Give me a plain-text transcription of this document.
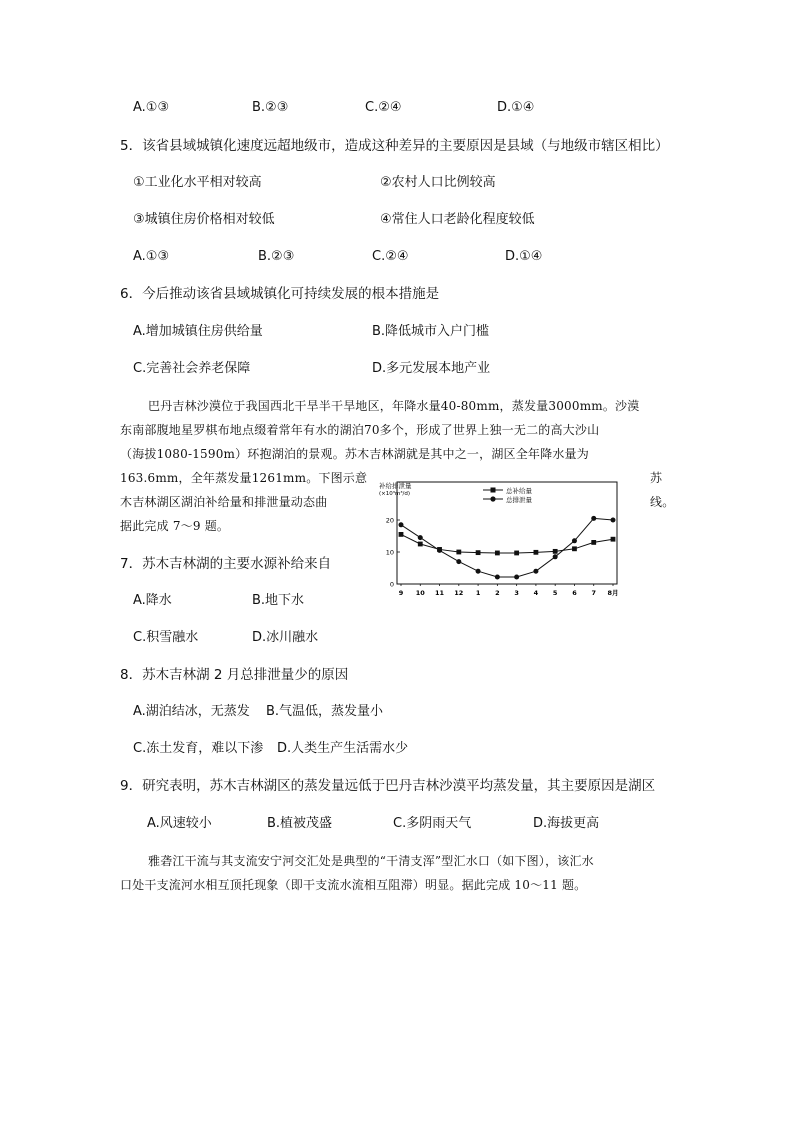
A.①③	B.②③	C.②④	D.①④
5．该省县域城镇化速度远超地级市，造成这种差异的主要原因是县域（与地级市辖区相比）
①工业化水平相对较高	②农村人口比例较高
③城镇住房价格相对较低	④常住人口老龄化程度较低
A.①③	B.②③	C.②④	D.①④
6．今后推动该省县域城镇化可持续发展的根本措施是
A.增加城镇住房供给量	B.降低城市入户门槛
C.完善社会养老保障	D.多元发展本地产业
巴丹吉林沙漠位于我国西北干旱半干旱地区，年降水量40-80mm，蒸发量3000mm。沙漠
东南部腹地星罗棋布地点缀着常年有水的湖泊70多个，形成了世界上独一无二的高大沙山
（海拔1080-1590m）环抱湖泊的景观。苏木吉林湖就是其中之一，湖区全年降水量为
163.6mm，全年蒸发量1261mm。下图示意	苏
木吉林湖区湖泊补给量和排泄量动态曲	线。
据此完成 7～9 题。
补给排泄量
(×10³m³/d)	总补给量
总排泄量
0
10
20
9 10 11 12 1 2 3 4 5 6 7 8月
7．苏木吉林湖的主要水源补给来自
A.降水	B.地下水
C.积雪融水	D.冰川融水
8．苏木吉林湖 2 月总排泄量少的原因
A.湖泊结冰，无蒸发 B.气温低，蒸发量小
C.冻土发育，难以下渗 D.人类生产生活需水少
9．研究表明，苏木吉林湖区的蒸发量远低于巴丹吉林沙漠平均蒸发量，其主要原因是湖区
A.风速较小	B.植被茂盛	C.多阴雨天气	D.海拔更高
雅砻江干流与其支流安宁河交汇处是典型的“干清支浑”型汇水口（如下图），该汇水
口处干支流河水相互顶托现象（即干支流水流相互阻滞）明显。据此完成 10～11 题。
